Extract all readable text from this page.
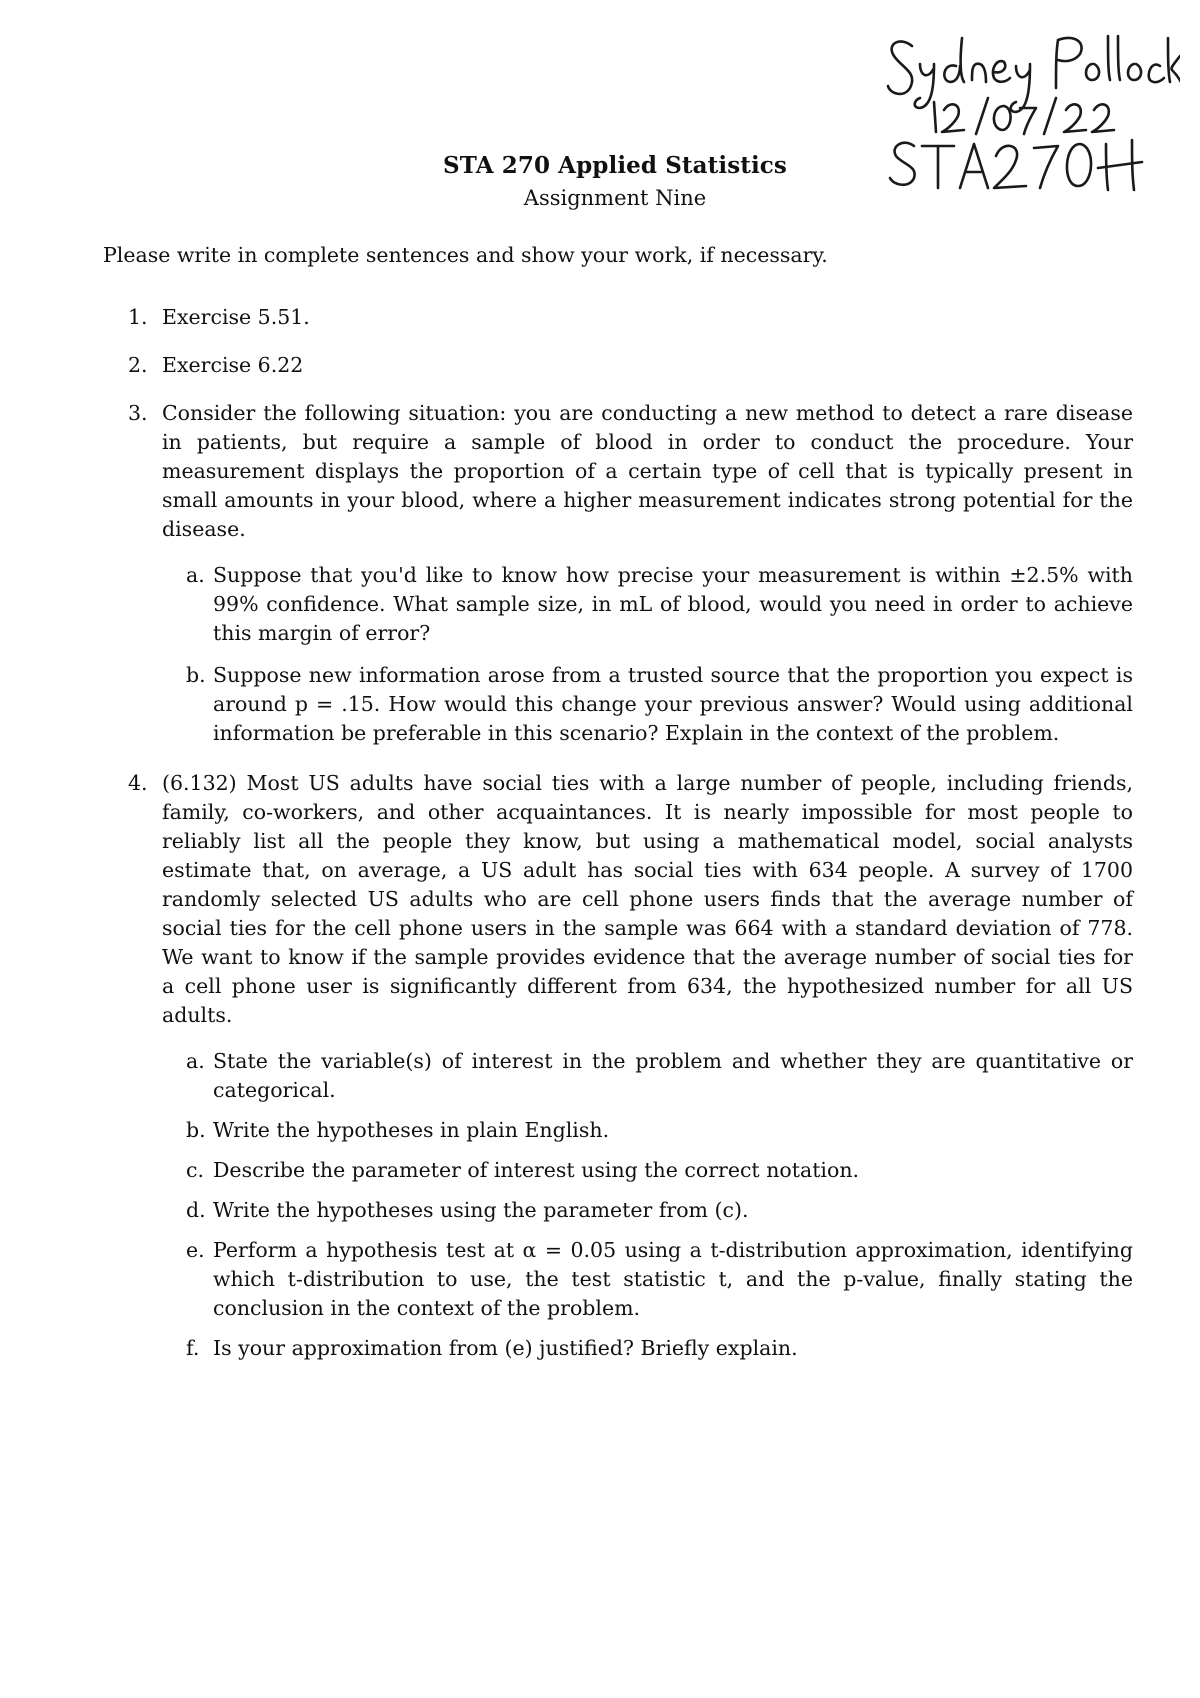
STA 270 Applied Statistics
Assignment Nine
Please write in complete sentences and show your work, if necessary.
1. Exercise 5.51.
2. Exercise 6.22
3. Consider the following situation: you are conducting a new method to detect a rare disease in patients, but require a sample of blood in order to conduct the procedure. Your measurement displays the proportion of a certain type of cell that is typically present in small amounts in your blood, where a higher measurement indicates strong potential for the disease.
a. Suppose that you'd like to know how precise your measurement is within ±2.5% with 99% confidence. What sample size, in mL of blood, would you need in order to achieve this margin of error?
b. Suppose new information arose from a trusted source that the proportion you expect is around p = .15. How would this change your previous answer? Would using additional information be preferable in this scenario? Explain in the context of the problem.
4. (6.132) Most US adults have social ties with a large number of people, including friends, family, co-workers, and other acquaintances. It is nearly impossible for most people to reliably list all the people they know, but using a mathematical model, social analysts estimate that, on average, a US adult has social ties with 634 people. A survey of 1700 randomly selected US adults who are cell phone users finds that the average number of social ties for the cell phone users in the sample was 664 with a standard deviation of 778. We want to know if the sample provides evidence that the average number of social ties for a cell phone user is significantly different from 634, the hypothesized number for all US adults.
a. State the variable(s) of interest in the problem and whether they are quantitative or categorical.
b. Write the hypotheses in plain English.
c. Describe the parameter of interest using the correct notation.
d. Write the hypotheses using the parameter from (c).
e. Perform a hypothesis test at α = 0.05 using a t-distribution approximation, identifying which t-distribution to use, the test statistic t, and the p-value, finally stating the conclusion in the context of the problem.
f. Is your approximation from (e) justified? Briefly explain.
